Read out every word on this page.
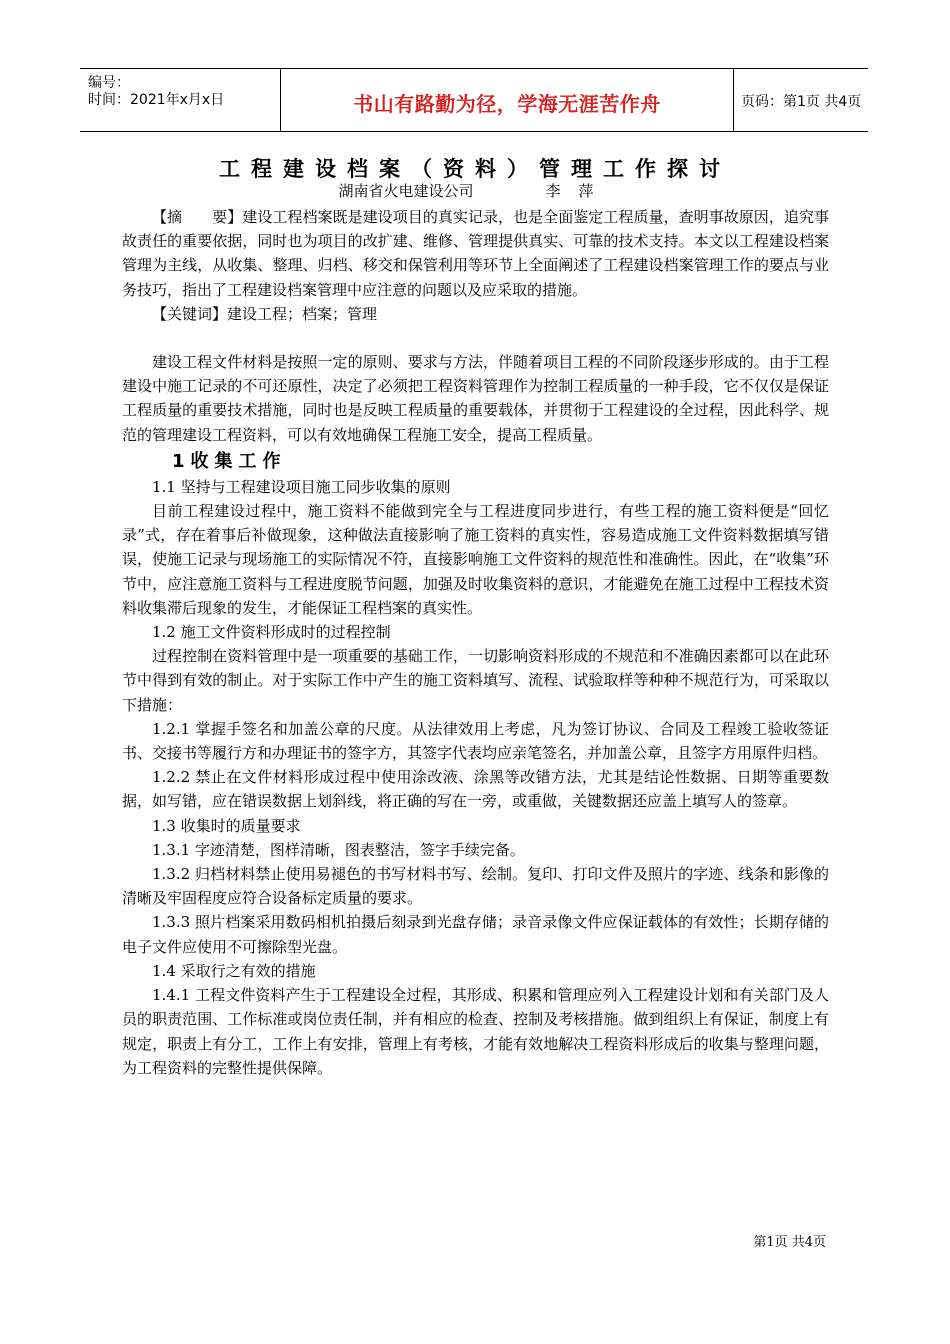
编号：
时间：2021年x月x日	书山有路勤为径，学海无涯苦作舟	页码：第1页 共4页
工程建设档案（资料）管理工作探讨
湖南省火电建设公司	李萍

【摘　　要】建设工程档案既是建设项目的真实记录，也是全面鉴定工程质量，查明事故原因，追究事故责任的重要依据，同时也为项目的改扩建、维修、管理提供真实、可靠的技术支持。本文以工程建设档案管理为主线，从收集、整理、归档、移交和保管利用等环节上全面阐述了工程建设档案管理工作的要点与业务技巧，指出了工程建设档案管理中应注意的问题以及应采取的措施。

【关键词】建设工程；档案；管理

建设工程文件材料是按照一定的原则、要求与方法，伴随着项目工程的不同阶段逐步形成的。由于工程建设中施工记录的不可还原性，决定了必须把工程资料管理作为控制工程质量的一种手段，它不仅仅是保证工程质量的重要技术措施，同时也是反映工程质量的重要载体，并贯彻于工程建设的全过程，因此科学、规范的管理建设工程资料，可以有效地确保工程施工安全，提高工程质量。

1收集工作

1.1 坚持与工程建设项目施工同步收集的原则

目前工程建设过程中，施工资料不能做到完全与工程进度同步进行，有些工程的施工资料便是“回忆录”式，存在着事后补做现象，这种做法直接影响了施工资料的真实性，容易造成施工文件资料数据填写错误，使施工记录与现场施工的实际情况不符，直接影响施工文件资料的规范性和准确性。因此，在“收集”环节中，应注意施工资料与工程进度脱节问题，加强及时收集资料的意识，才能避免在施工过程中工程技术资料收集滞后现象的发生，才能保证工程档案的真实性。

1.2 施工文件资料形成时的过程控制

过程控制在资料管理中是一项重要的基础工作，一切影响资料形成的不规范和不准确因素都可以在此环节中得到有效的制止。对于实际工作中产生的施工资料填写、流程、试验取样等种种不规范行为，可采取以下措施：

1.2.1 掌握手签名和加盖公章的尺度。从法律效用上考虑，凡为签订协议、合同及工程竣工验收签证书、交接书等履行方和办理证书的签字方，其签字代表均应亲笔签名，并加盖公章，且签字方用原件归档。

1.2.2 禁止在文件材料形成过程中使用涂改液、涂黑等改错方法，尤其是结论性数据、日期等重要数据，如写错，应在错误数据上划斜线，将正确的写在一旁，或重做，关键数据还应盖上填写人的签章。

1.3 收集时的质量要求

1.3.1 字迹清楚，图样清晰，图表整洁，签字手续完备。

1.3.2 归档材料禁止使用易褪色的书写材料书写、绘制。复印、打印文件及照片的字迹、线条和影像的清晰及牢固程度应符合设备标定质量的要求。

1.3.3 照片档案采用数码相机拍摄后刻录到光盘存储；录音录像文件应保证载体的有效性；长期存储的电子文件应使用不可擦除型光盘。

1.4 采取行之有效的措施

1.4.1 工程文件资料产生于工程建设全过程，其形成、积累和管理应列入工程建设计划和有关部门及人员的职责范围、工作标准或岗位责任制，并有相应的检查、控制及考核措施。做到组织上有保证，制度上有规定，职责上有分工，工作上有安排，管理上有考核，才能有效地解决工程资料形成后的收集与整理问题，为工程资料的完整性提供保障。

第1页 共4页
